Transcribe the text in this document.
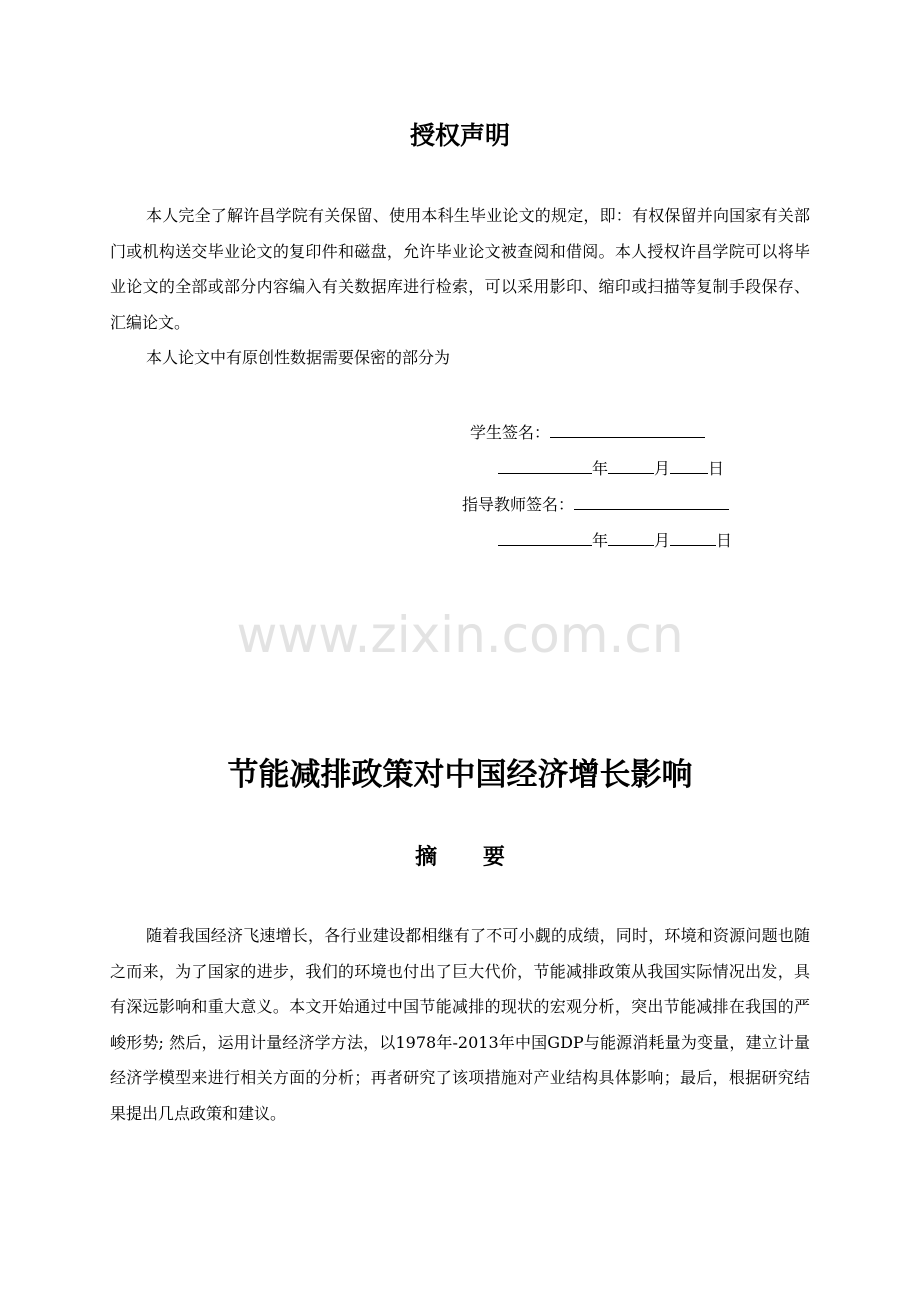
授权声明

本人完全了解许昌学院有关保留、使用本科生毕业论文的规定，即：有权保留并向国家有关部门或机构送交毕业论文的复印件和磁盘，允许毕业论文被查阅和借阅。本人授权许昌学院可以将毕业论文的全部或部分内容编入有关数据库进行检索，可以采用影印、缩印或扫描等复制手段保存、汇编论文。

本人论文中有原创性数据需要保密的部分为

学生签名：
年	月 日
指导教师签名：
年	月	日
www.zixin.com.cn
节能减排政策对中国经济增长影响
摘 要

随着我国经济飞速增长，各行业建设都相继有了不可小觑的成绩，同时，环境和资源问题也随之而来，为了国家的进步，我们的环境也付出了巨大代价，节能减排政策从我国实际情况出发，具有深远影响和重大意义。本文开始通过中国节能减排的现状的宏观分析，突出节能减排在我国的严峻形势; 然后，运用计量经济学方法，以1978年-2013年中国GDP与能源消耗量为变量，建立计量经济学模型来进行相关方面的分析；再者研究了该项措施对产业结构具体影响；最后，根据研究结果提出几点政策和建议。
